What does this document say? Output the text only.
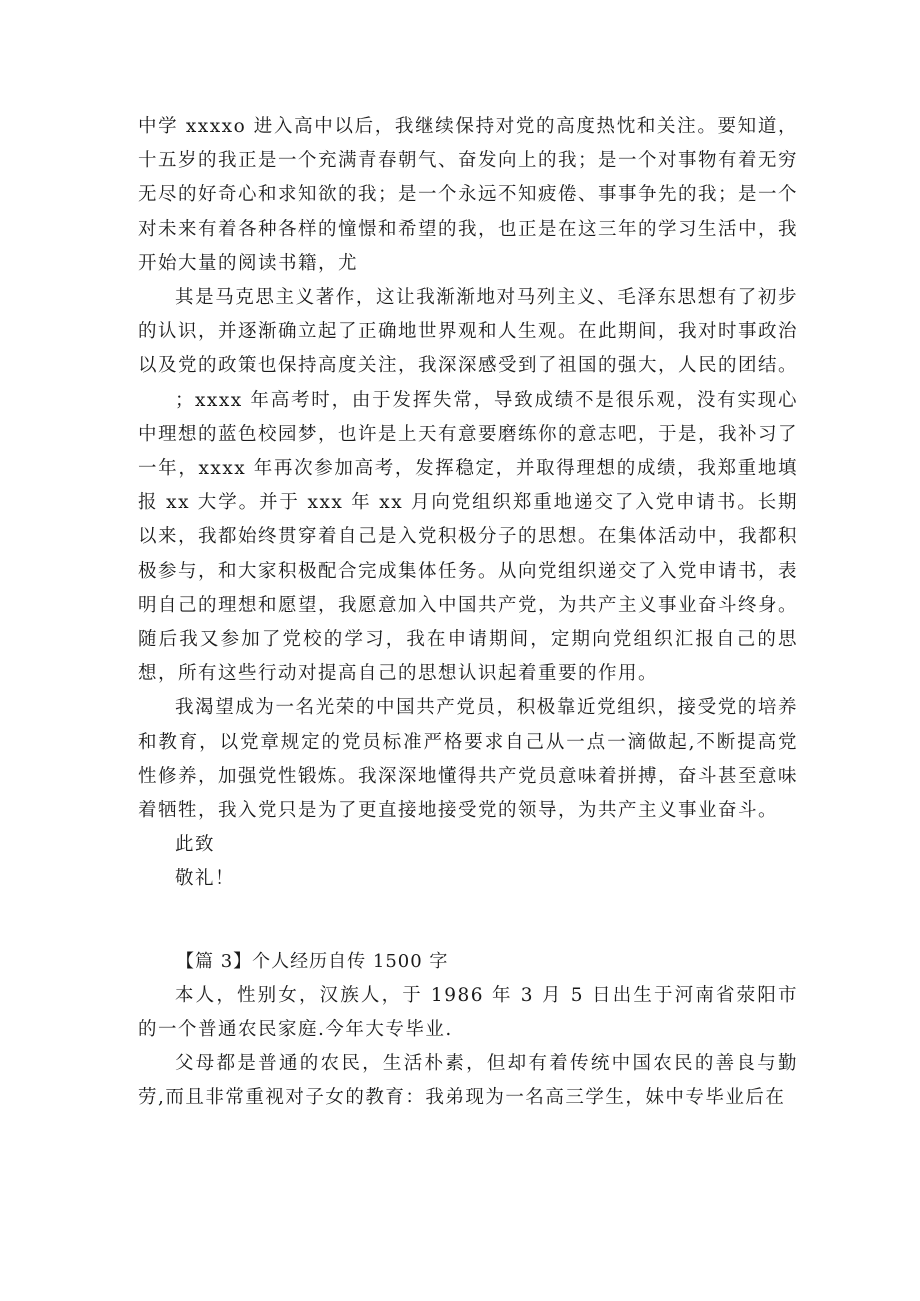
中学 xxxxo 进入高中以后，我继续保持对党的高度热忱和关注。要知道，十五岁的我正是一个充满青春朝气、奋发向上的我；是一个对事物有着无穷无尽的好奇心和求知欲的我；是一个永远不知疲倦、事事争先的我；是一个对未来有着各种各样的憧憬和希望的我，也正是在这三年的学习生活中，我开始大量的阅读书籍，尤

其是马克思主义著作，这让我渐渐地对马列主义、毛泽东思想有了初步的认识，并逐渐确立起了正确地世界观和人生观。在此期间，我对时事政治以及党的政策也保持高度关注，我深深感受到了祖国的强大，人民的团结。

；xxxx 年高考时，由于发挥失常，导致成绩不是很乐观，没有实现心中理想的蓝色校园梦，也许是上天有意要磨练你的意志吧，于是，我补习了一年，xxxx 年再次参加高考，发挥稳定，并取得理想的成绩，我郑重地填报 xx 大学。并于 xxx 年 xx 月向党组织郑重地递交了入党申请书。长期以来，我都始终贯穿着自己是入党积极分子的思想。在集体活动中，我都积极参与，和大家积极配合完成集体任务。从向党组织递交了入党申请书，表明自己的理想和愿望，我愿意加入中国共产党，为共产主义事业奋斗终身。随后我又参加了党校的学习，我在申请期间，定期向党组织汇报自己的思想，所有这些行动对提高自己的思想认识起着重要的作用。

我渴望成为一名光荣的中国共产党员，积极靠近党组织，接受党的培养和教育，以党章规定的党员标准严格要求自己从一点一滴做起,不断提高党性修养，加强党性锻炼。我深深地懂得共产党员意味着拼搏，奋斗甚至意味着牺牲，我入党只是为了更直接地接受党的领导，为共产主义事业奋斗。

此致

敬礼！

【篇 3】个人经历自传 1500 字

本人，性别女，汉族人，于 1986 年 3 月 5 日出生于河南省荥阳市的一个普通农民家庭.今年大专毕业.

父母都是普通的农民，生活朴素，但却有着传统中国农民的善良与勤劳,而且非常重视对子女的教育：我弟现为一名高三学生，妹中专毕业后在
